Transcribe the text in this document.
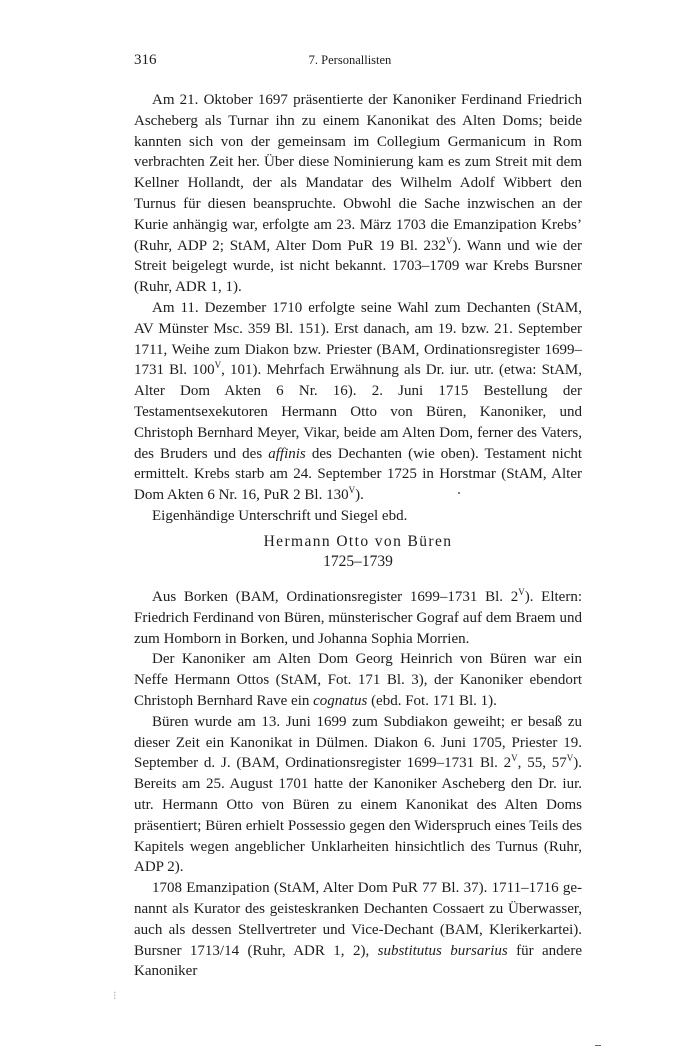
316	7. Personallisten

Am 21. Oktober 1697 präsentierte der Kanoniker Ferdinand Friedrich Ascheberg als Turnar ihn zu einem Kanonikat des Alten Doms; beide kannten sich von der gemeinsam im Collegium Germanicum in Rom verbrachten Zeit her. Über diese Nominierung kam es zum Streit mit dem Kellner Hollandt, der als Mandatar des Wilhelm Adolf Wibbert den Turnus für diesen beanspruchte. Obwohl die Sache inzwischen an der Kurie anhängig war, erfolgte am 23. März 1703 die Emanzipation Krebs’ (Ruhr, ADP 2; StAM, Alter Dom PuR 19 Bl. $232^V$). Wann und wie der Streit beigelegt wurde, ist nicht bekannt. 1703–1709 war Krebs Bursner (Ruhr, ADR 1, 1).

Am 11. Dezember 1710 erfolgte seine Wahl zum Dechanten (StAM, AV Münster Msc. 359 Bl. 151). Erst danach, am 19. bzw. 21. September 1711, Weihe zum Diakon bzw. Priester (BAM, Ordinationsregister 1699–1731 Bl. $100^V$, 101). Mehrfach Erwähnung als Dr. iur. utr. (etwa: StAM, Alter Dom Akten 6 Nr. 16). 2. Juni 1715 Bestellung der Testamentsexekutoren Hermann Otto von Büren, Kanoniker, und Christoph Bernhard Meyer, Vikar, beide am Alten Dom, ferner des Vaters, des Bruders und des affinis des Dechanten (wie oben). Testament nicht ermittelt. Krebs starb am 24. September 1725 in Horstmar (StAM, Alter Dom Akten 6 Nr. 16, PuR 2 Bl. $130^V$).

Eigenhändige Unterschrift und Siegel ebd.

Hermann Otto von Büren
1725–1739

Aus Borken (BAM, Ordinationsregister 1699–1731 Bl. $2^V$). Eltern: Friedrich Ferdinand von Büren, münsterischer Gograf auf dem Braem und zum Homborn in Borken, und Johanna Sophia Morrien.

Der Kanoniker am Alten Dom Georg Heinrich von Büren war ein Neffe Hermann Ottos (StAM, Fot. 171 Bl. 3), der Kanoniker ebendort Christoph Bernhard Rave ein cognatus (ebd. Fot. 171 Bl. 1).

Büren wurde am 13. Juni 1699 zum Subdiakon geweiht; er besaß zu dieser Zeit ein Kanonikat in Dülmen. Diakon 6. Juni 1705, Priester 19. September d. J. (BAM, Ordinationsregister 1699–1731 Bl. $2^V$, 55, $57^V$). Bereits am 25. August 1701 hatte der Kanoniker Ascheberg den Dr. iur. utr. Hermann Otto von Büren zu einem Kanonikat des Alten Doms präsentiert; Büren erhielt Possessio gegen den Widerspruch eines Teils des Kapitels wegen angeblicher Unklarheiten hinsichtlich des Turnus (Ruhr, ADP 2).

1708 Emanzipation (StAM, Alter Dom PuR 77 Bl. 37). 1711–1716 genannt als Kurator des geisteskranken Dechanten Cossaert zu Überwasser, auch als dessen Stellvertreter und Vice-Dechant (BAM, Klerikerkartei). Bursner 1713/14 (Ruhr, ADR 1, 2), substitutus bursarius für andere Kanoniker

⁝
